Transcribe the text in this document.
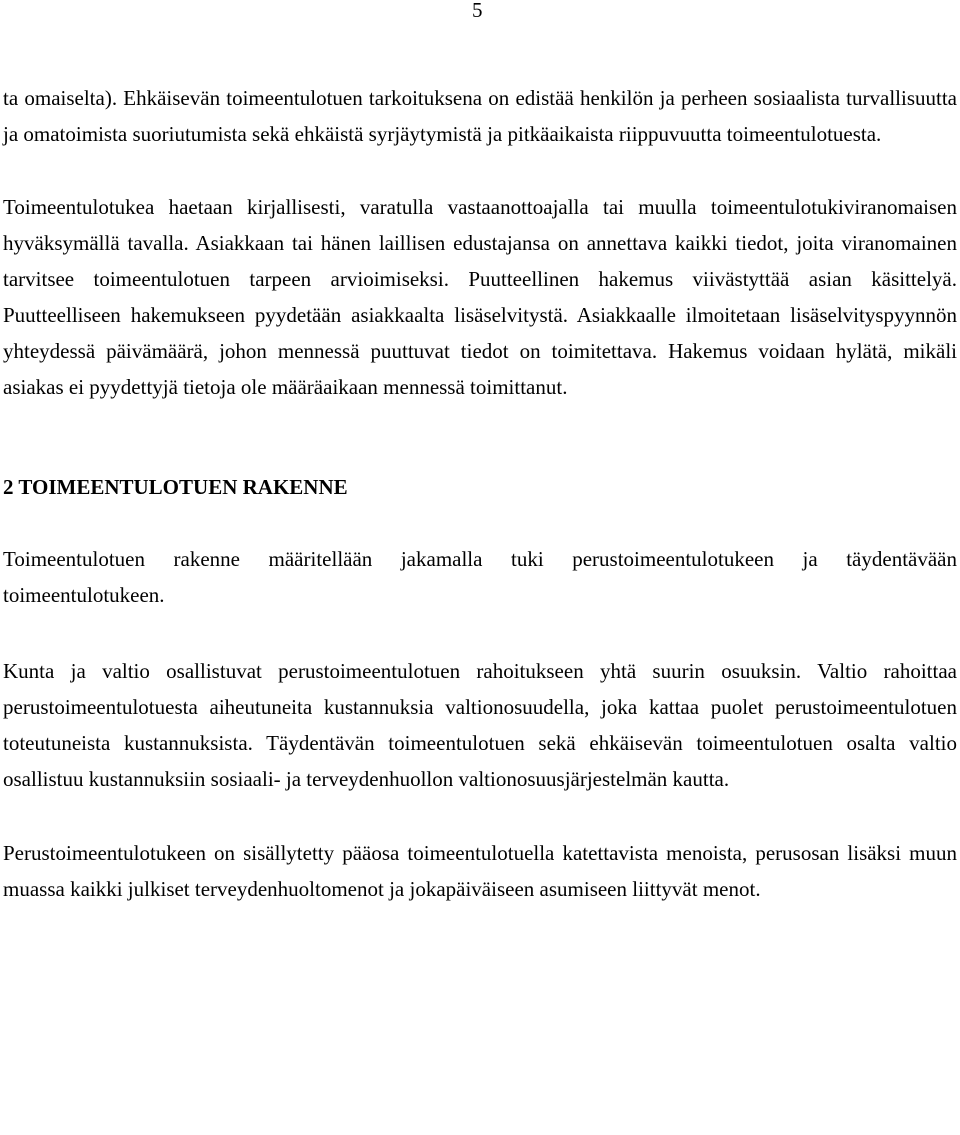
5

ta omaiselta). Ehkäisevän toimeentulotuen tarkoituksena on edistää henkilön ja perheen sosiaalista turvallisuutta ja omatoimista suoriutumista sekä ehkäistä syrjäytymistä ja pitkäaikaista riippuvuutta toimeentulotuesta.

Toimeentulotukea haetaan kirjallisesti, varatulla vastaanottoajalla tai muulla toimeentulotukiviranomaisen hyväksymällä tavalla. Asiakkaan tai hänen laillisen edustajansa on annettava kaikki tiedot, joita viranomainen tarvitsee toimeentulotuen tarpeen arvioimiseksi. Puutteellinen hakemus viivästyttää asian käsittelyä. Puutteelliseen hakemukseen pyydetään asiakkaalta lisäselvitystä. Asiakkaalle ilmoitetaan lisäselvityspyynnön yhteydessä päivämäärä, johon mennessä puuttuvat tiedot on toimitettava. Hakemus voidaan hylätä, mikäli asiakas ei pyydettyjä tietoja ole määräaikaan mennessä toimittanut.

2 TOIMEENTULOTUEN RAKENNE

Toimeentulotuen rakenne määritellään jakamalla tuki perustoimeentulotukeen ja täydentävään toimeentulotukeen.

Kunta ja valtio osallistuvat perustoimeentulotuen rahoitukseen yhtä suurin osuuksin. Valtio rahoittaa perustoimeentulotuesta aiheutuneita kustannuksia valtionosuudella, joka kattaa puolet perustoimeentulotuen toteutuneista kustannuksista. Täydentävän toimeentulotuen sekä ehkäisevän toimeentulotuen osalta valtio osallistuu kustannuksiin sosiaali- ja terveydenhuollon valtionosuusjärjestelmän kautta.

Perustoimeentulotukeen on sisällytetty pääosa toimeentulotuella katettavista menoista, perusosan lisäksi muun muassa kaikki julkiset terveydenhuoltomenot ja jokapäiväiseen asumiseen liittyvät menot.
